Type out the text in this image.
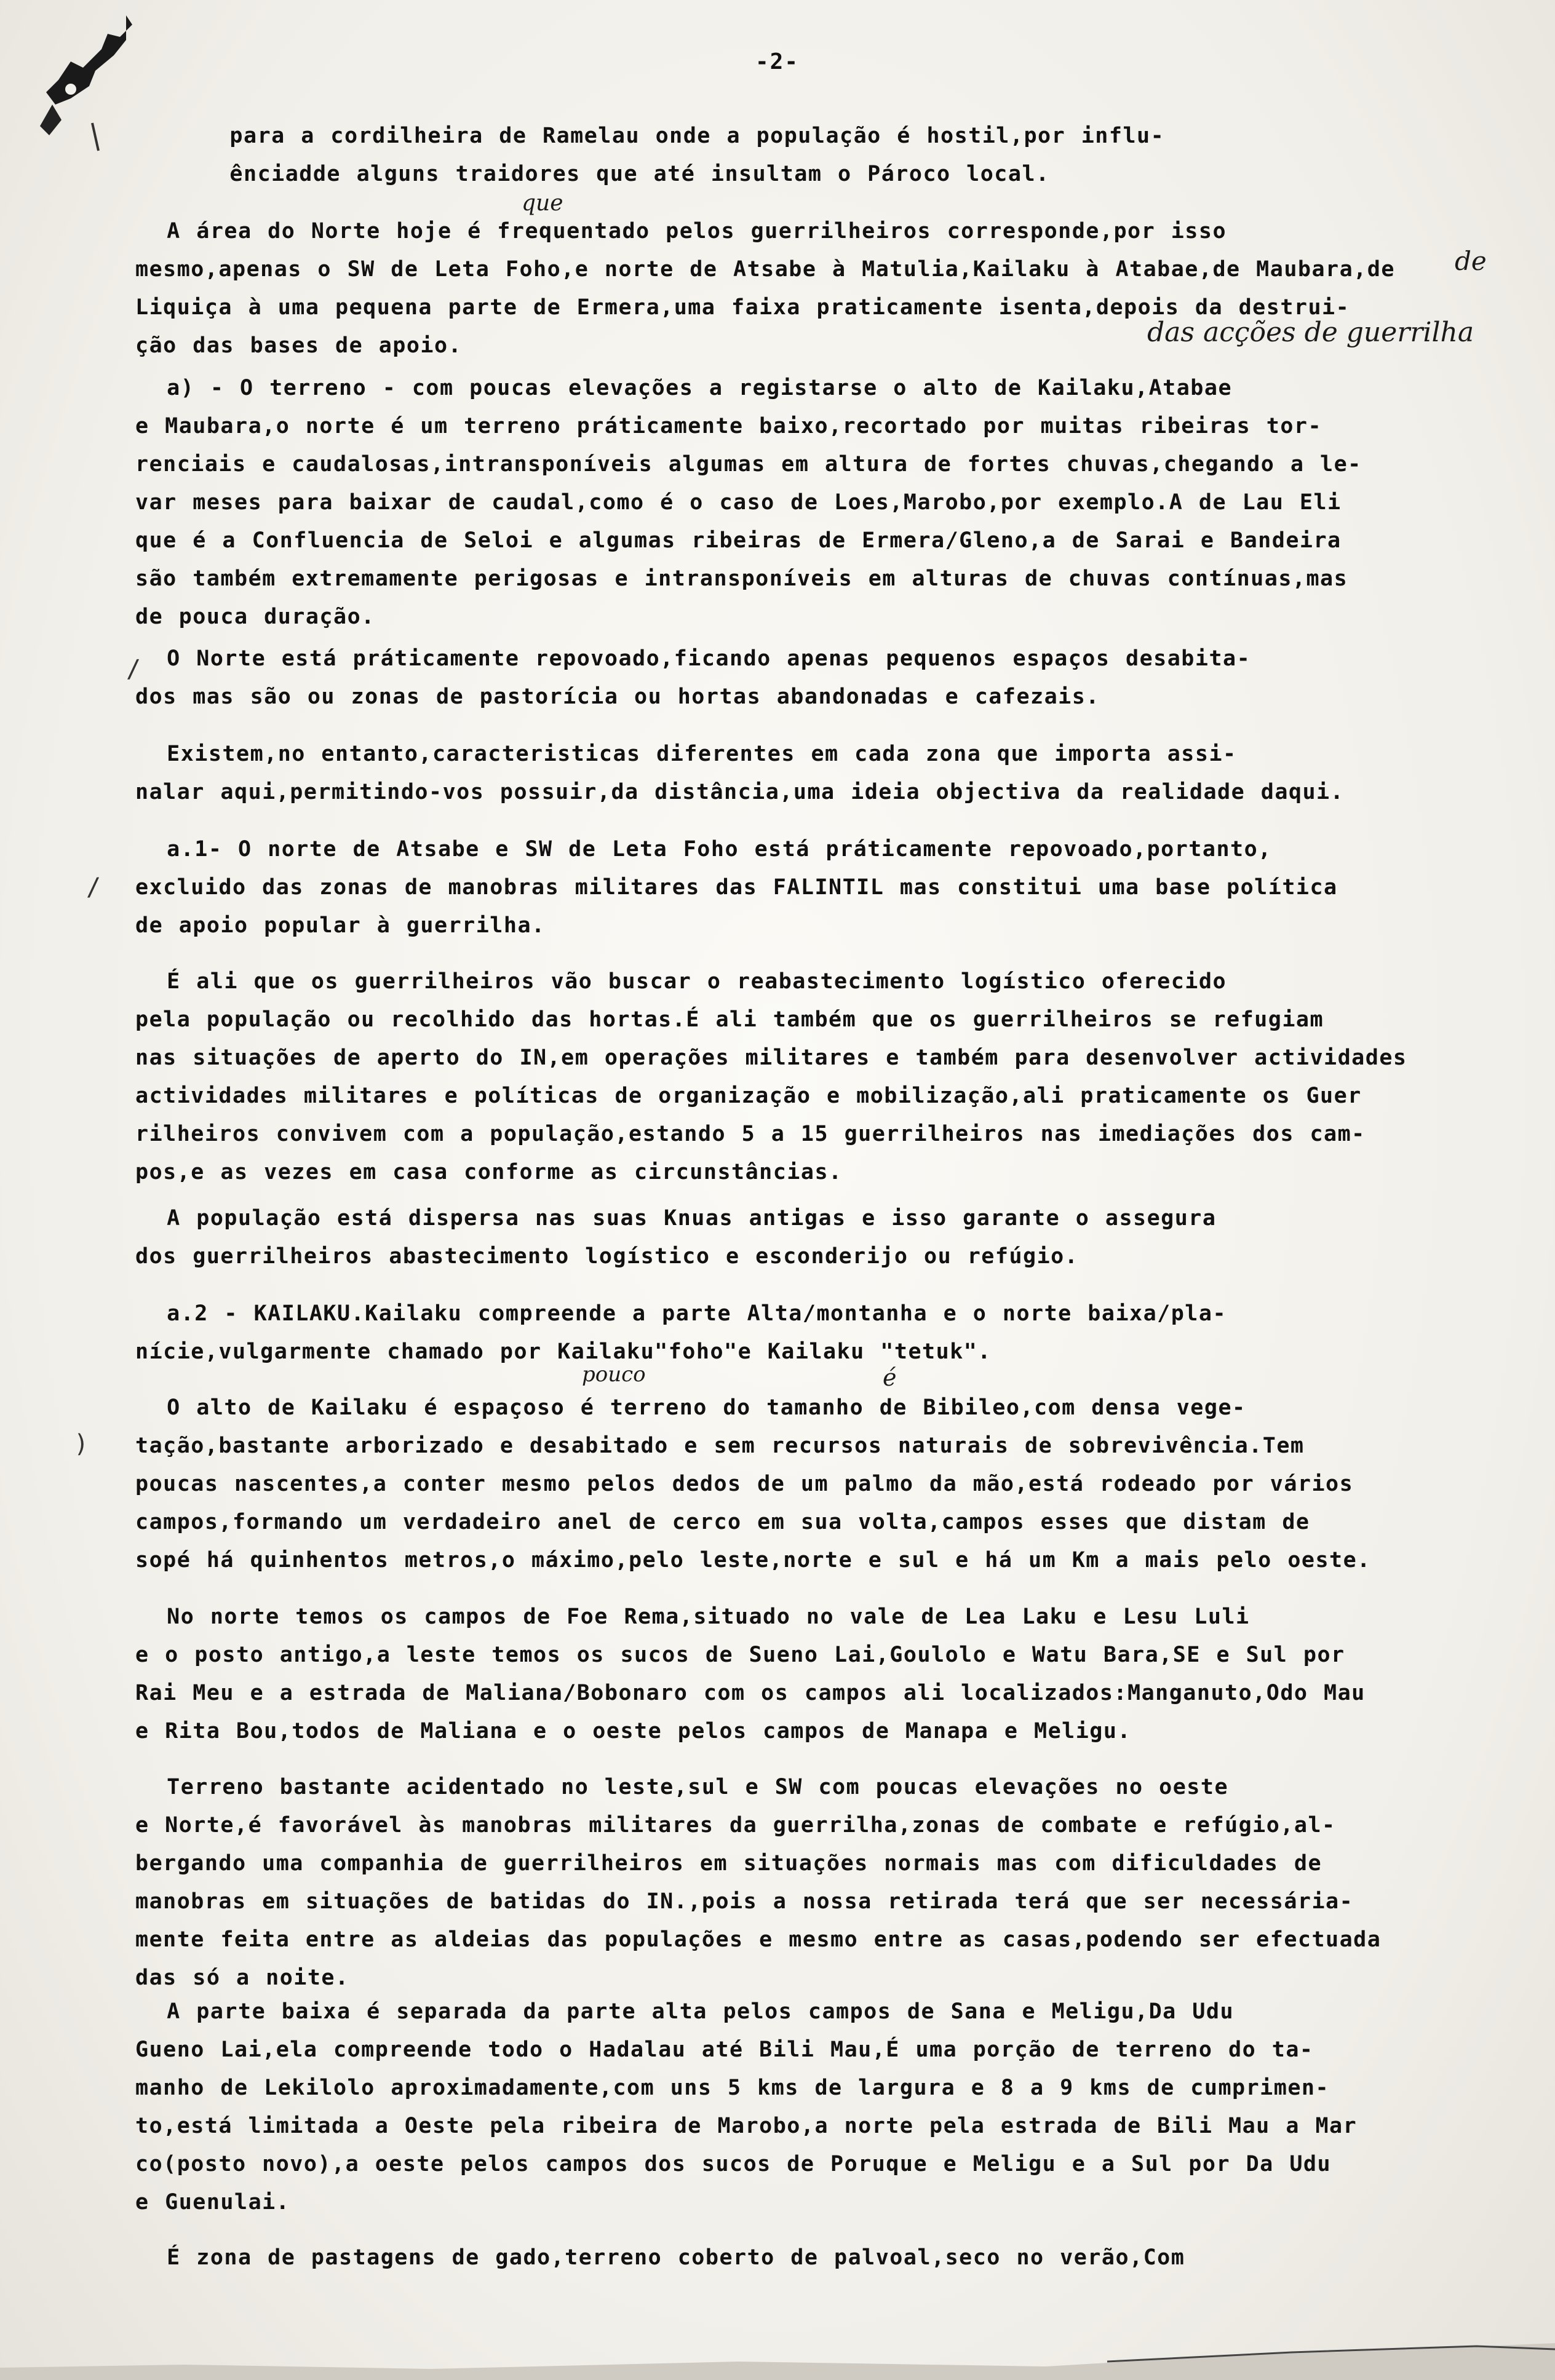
-2-
para a cordilheira de Ramelau onde a população é hostil,por influ-
ênciadde alguns traidores que até insultam o Pároco local.
A área do Norte hoje é frequentado pelos guerrilheiros corresponde,por isso
mesmo,apenas o SW de Leta Foho,e norte de Atsabe à Matulia,Kailaku à Atabae,de Maubara,de
Liquiça à uma pequena parte de Ermera,uma faixa praticamente isenta,depois da destrui-
ção das bases de apoio.
a) - O terreno - com poucas elevações a registarse o alto de Kailaku,Atabae
e Maubara,o norte é um terreno práticamente baixo,recortado por muitas ribeiras tor-
renciais e caudalosas,intransponíveis algumas em altura de fortes chuvas,chegando a le-
var meses para baixar de caudal,como é o caso de Loes,Marobo,por exemplo.A de Lau Eli
que é a Confluencia de Seloi e algumas ribeiras de Ermera/Gleno,a de Sarai e Bandeira
são também extremamente perigosas e intransponíveis em alturas de chuvas contínuas,mas
de pouca duração.
O Norte está práticamente repovoado,ficando apenas pequenos espaços desabita-
dos mas são ou zonas de pastorícia ou hortas abandonadas e cafezais.
Existem,no entanto,caracteristicas diferentes em cada zona que importa assi-
nalar aqui,permitindo-vos possuir,da distância,uma ideia objectiva da realidade daqui.
a.1- O norte de Atsabe e SW de Leta Foho está práticamente repovoado,portanto,
excluido das zonas de manobras militares das FALINTIL mas constitui uma base política
de apoio popular à guerrilha.
É ali que os guerrilheiros vão buscar o reabastecimento logístico oferecido
pela população ou recolhido das hortas.É ali também que os guerrilheiros se refugiam
nas situações de aperto do IN,em operações militares e também para desenvolver actividades
actividades militares e políticas de organização e mobilização,ali praticamente os Guer
rilheiros convivem com a população,estando 5 a 15 guerrilheiros nas imediações dos cam-
pos,e as vezes em casa conforme as circunstâncias.
A população está dispersa nas suas Knuas antigas e isso garante o assegura
dos guerrilheiros abastecimento logístico e esconderijo ou refúgio.
a.2 - KAILAKU.Kailaku compreende a parte Alta/montanha e o norte baixa/pla-
nície,vulgarmente chamado por Kailaku"foho"e Kailaku "tetuk".
O alto de Kailaku é espaçoso é terreno do tamanho de Bibileo,com densa vege-
tação,bastante arborizado e desabitado e sem recursos naturais de sobrevivência.Tem
poucas nascentes,a conter mesmo pelos dedos de um palmo da mão,está rodeado por vários
campos,formando um verdadeiro anel de cerco em sua volta,campos esses que distam de
sopé há quinhentos metros,o máximo,pelo leste,norte e sul e há um Km a mais pelo oeste.
No norte temos os campos de Foe Rema,situado no vale de Lea Laku e Lesu Luli
e o posto antigo,a leste temos os sucos de Sueno Lai,Goulolo e Watu Bara,SE e Sul por
Rai Meu e a estrada de Maliana/Bobonaro com os campos ali localizados:Manganuto,Odo Mau
e Rita Bou,todos de Maliana e o oeste pelos campos de Manapa e Meligu.
Terreno bastante acidentado no leste,sul e SW com poucas elevações no oeste
e Norte,é favorável às manobras militares da guerrilha,zonas de combate e refúgio,al-
bergando uma companhia de guerrilheiros em situações normais mas com dificuldades de
manobras em situações de batidas do IN.,pois a nossa retirada terá que ser necessária-
mente feita entre as aldeias das populações e mesmo entre as casas,podendo ser efectuada
das só a noite.
A parte baixa é separada da parte alta pelos campos de Sana e Meligu,Da Udu
Gueno Lai,ela compreende todo o Hadalau até Bili Mau,É uma porção de terreno do ta-
manho de Lekilolo aproximadamente,com uns 5 kms de largura e 8 a 9 kms de cumprimen-
to,está limitada a Oeste pela ribeira de Marobo,a norte pela estrada de Bili Mau a Mar
co(posto novo),a oeste pelos campos dos sucos de Poruque e Meligu e a Sul por Da Udu
e Guenulai.
É zona de pastagens de gado,terreno coberto de palvoal,seco no verão,Com
que
de
das acções de guerrilha
pouco	é
∕
/
)
